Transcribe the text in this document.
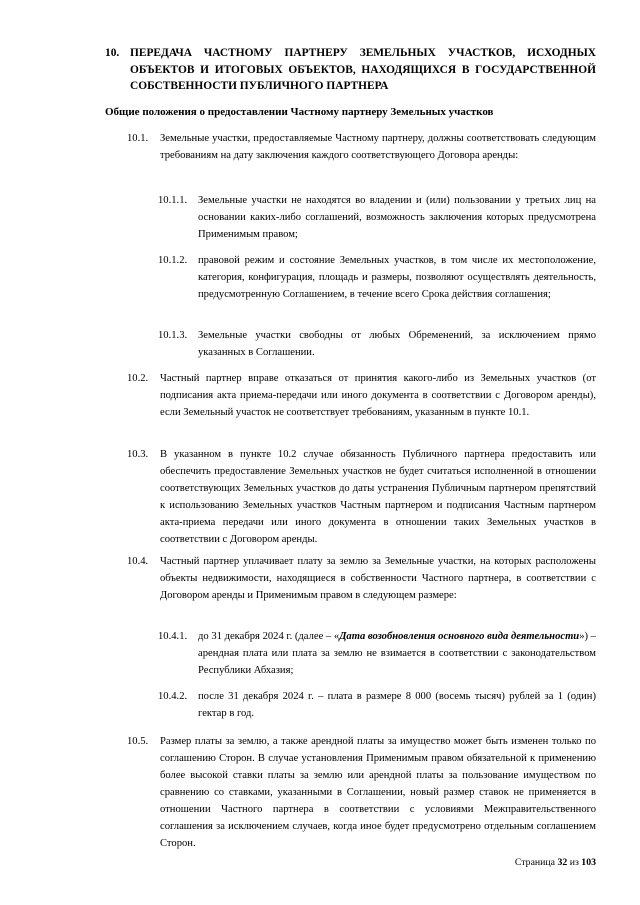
10. ПЕРЕДАЧА ЧАСТНОМУ ПАРТНЕРУ ЗЕМЕЛЬНЫХ УЧАСТКОВ, ИСХОДНЫХ ОБЪЕКТОВ И ИТОГОВЫХ ОБЪЕКТОВ, НАХОДЯЩИХСЯ В ГОСУДАРСТВЕННОЙ СОБСТВЕННОСТИ ПУБЛИЧНОГО ПАРТНЕРА
Общие положения о предоставлении Частному партнеру Земельных участков
10.1. Земельные участки, предоставляемые Частному партнеру, должны соответствовать следующим требованиям на дату заключения каждого соответствующего Договора аренды:
10.1.1. Земельные участки не находятся во владении и (или) пользовании у третьих лиц на основании каких-либо соглашений, возможность заключения которых предусмотрена Применимым правом;
10.1.2. правовой режим и состояние Земельных участков, в том числе их местоположение, категория, конфигурация, площадь и размеры, позволяют осуществлять деятельность, предусмотренную Соглашением, в течение всего Срока действия соглашения;
10.1.3. Земельные участки свободны от любых Обременений, за исключением прямо указанных в Соглашении.
10.2. Частный партнер вправе отказаться от принятия какого-либо из Земельных участков (от подписания акта приема-передачи или иного документа в соответствии с Договором аренды), если Земельный участок не соответствует требованиям, указанным в пункте 10.1.
10.3. В указанном в пункте 10.2 случае обязанность Публичного партнера предоставить или обеспечить предоставление Земельных участков не будет считаться исполненной в отношении соответствующих Земельных участков до даты устранения Публичным партнером препятствий к использованию Земельных участков Частным партнером и подписания Частным партнером акта-приема передачи или иного документа в отношении таких Земельных участков в соответствии с Договором аренды.
10.4. Частный партнер уплачивает плату за землю за Земельные участки, на которых расположены объекты недвижимости, находящиеся в собственности Частного партнера, в соответствии с Договором аренды и Применимым правом в следующем размере:
10.4.1. до 31 декабря 2024 г. (далее – «Дата возобновления основного вида деятельности») – арендная плата или плата за землю не взимается в соответствии с законодательством Республики Абхазия;
10.4.2. после 31 декабря 2024 г. – плата в размере 8 000 (восемь тысяч) рублей за 1 (один) гектар в год.
10.5. Размер платы за землю, а также арендной платы за имущество может быть изменен только по соглашению Сторон. В случае установления Применимым правом обязательной к применению более высокой ставки платы за землю или арендной платы за пользование имуществом по сравнению со ставками, указанными в Соглашении, новый размер ставок не применяется в отношении Частного партнера в соответствии с условиями Межправительственного соглашения за исключением случаев, когда иное будет предусмотрено отдельным соглашением Сторон.
Страница 32 из 103
